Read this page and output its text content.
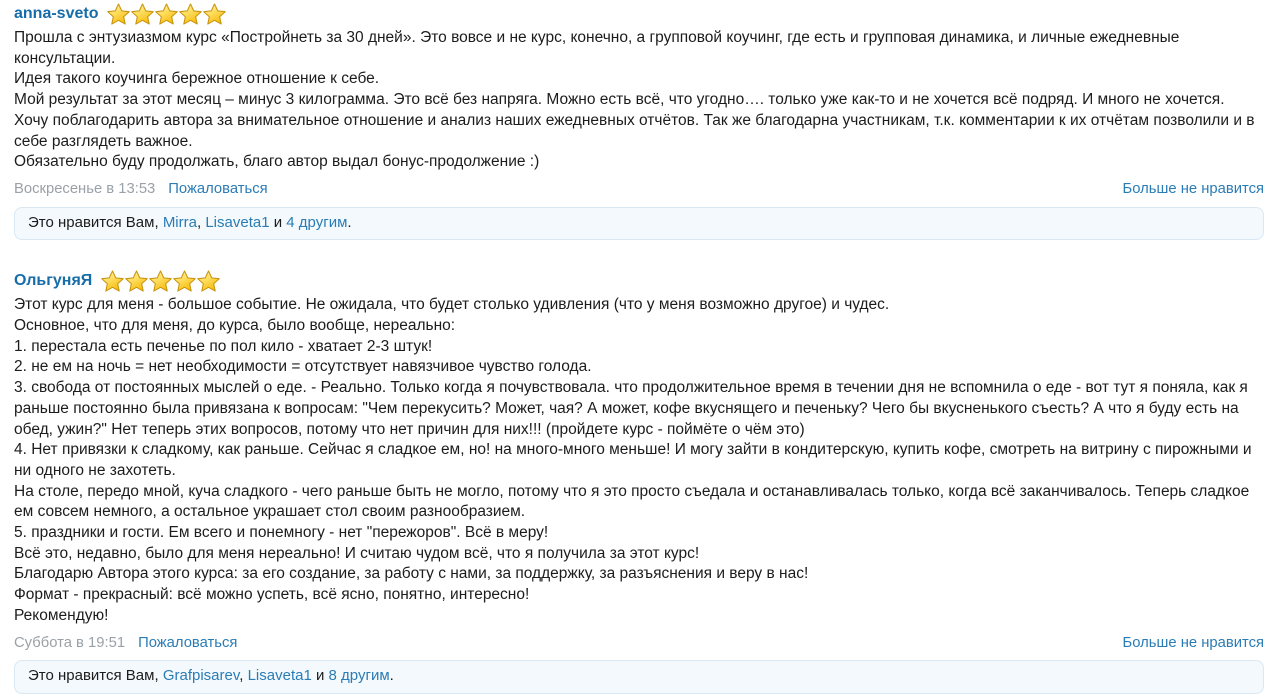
anna-sveto
Прошла с энтузиазмом курс «Постройнеть за 30 дней». Это вовсе и не курс, конечно, а групповой коучинг, где есть и групповая динамика, и личные ежедневные консультации.
Идея такого коучинга бережное отношение к себе.
Мой результат за этот месяц – минус 3 килограмма. Это всё без напряга. Можно есть всё, что угодно…. только уже как-то и не хочется всё подряд. И много не хочется.
Хочу поблагодарить автора за внимательное отношение и анализ наших ежедневных отчётов. Так же благодарна участникам, т.к. комментарии к их отчётам позволили и в себе разглядеть важное.
Обязательно буду продолжать, благо автор выдал бонус-продолжение :)
Воскресенье в 13:53 Пожаловаться	Больше не нравится
Это нравится Вам, Mirra, Lisaveta1 и 4 другим.
ОльгуняЯ
Этот курс для меня - большое событие. Не ожидала, что будет столько удивления (что у меня возможно другое) и чудес.
Основное, что для меня, до курса, было вообще, нереально:
1. перестала есть печенье по пол кило - хватает 2-3 штук!
2. не ем на ночь = нет необходимости = отсутствует навязчивое чувство голода.
3. свобода от постоянных мыслей о еде. - Реально. Только когда я почувствовала. что продолжительное время в течении дня не вспомнила о еде - вот тут я поняла, как я раньше постоянно была привязана к вопросам: "Чем перекусить? Может, чая? А может, кофе вкуснящего и печеньку? Чего бы вкусненького съесть? А что я буду есть на обед, ужин?" Нет теперь этих вопросов, потому что нет причин для них!!! (пройдете курс - поймёте о чём это)
4. Нет привязки к сладкому, как раньше. Сейчас я сладкое ем, но! на много-много меньше! И могу зайти в кондитерскую, купить кофе, смотреть на витрину с пирожными и ни одного не захотеть.
На столе, передо мной, куча сладкого - чего раньше быть не могло, потому что я это просто съедала и останавливалась только, когда всё заканчивалось. Теперь сладкое ем совсем немного, а остальное украшает стол своим разнообразием.
5. праздники и гости. Ем всего и понемногу - нет "пережоров". Всё в меру!
Всё это, недавно, было для меня нереально! И считаю чудом всё, что я получила за этот курс!
Благодарю Автора этого курса: за его создание, за работу с нами, за поддержку, за разъяснения и веру в нас!
Формат - прекрасный: всё можно успеть, всё ясно, понятно, интересно!
Рекомендую!
Суббота в 19:51 Пожаловаться	Больше не нравится
Это нравится Вам, Grafpisarev, Lisaveta1 и 8 другим.
